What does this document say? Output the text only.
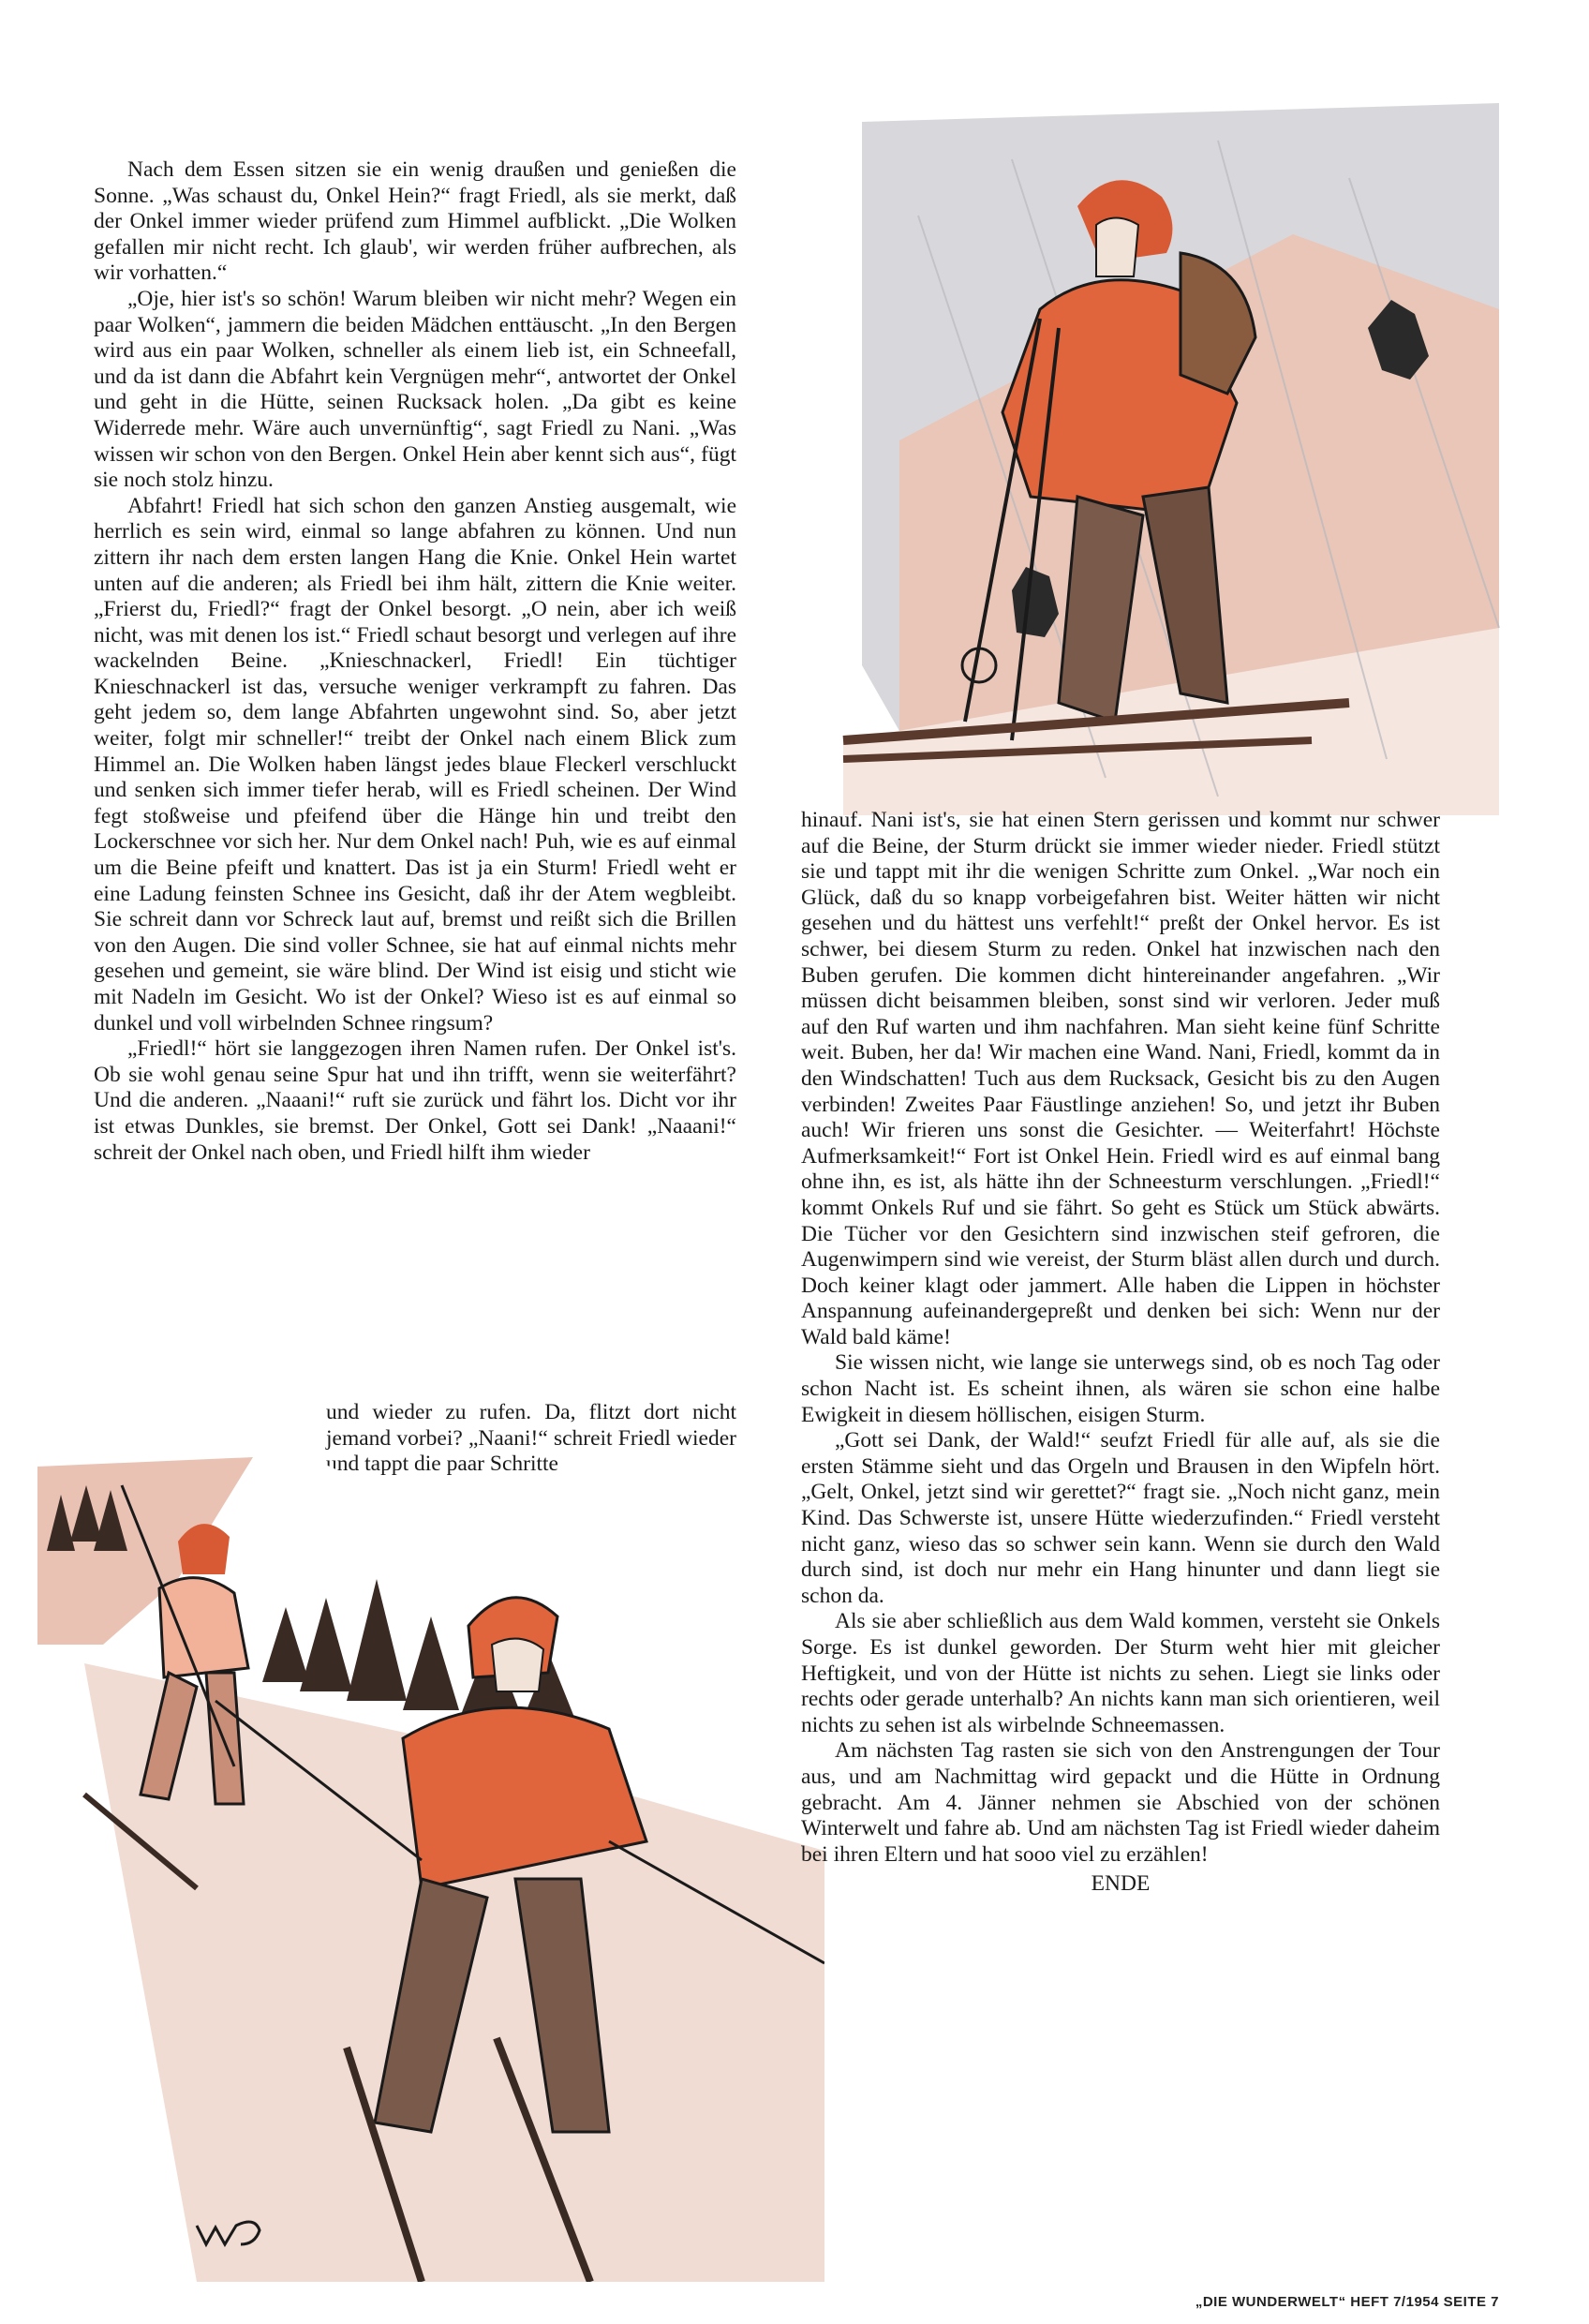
Nach dem Essen sitzen sie ein wenig draußen und genießen die Sonne. „Was schaust du, Onkel Hein?“ fragt Friedl, als sie merkt, daß der Onkel immer wieder prüfend zum Himmel aufblickt. „Die Wolken gefallen mir nicht recht. Ich glaub', wir werden früher aufbrechen, als wir vorhatten.“

„Oje, hier ist's so schön! Warum bleiben wir nicht mehr? Wegen ein paar Wolken“, jammern die beiden Mädchen enttäuscht. „In den Bergen wird aus ein paar Wolken, schneller als einem lieb ist, ein Schneefall, und da ist dann die Abfahrt kein Vergnügen mehr“, antwortet der Onkel und geht in die Hütte, seinen Rucksack holen. „Da gibt es keine Widerrede mehr. Wäre auch unvernünftig“, sagt Friedl zu Nani. „Was wissen wir schon von den Bergen. Onkel Hein aber kennt sich aus“, fügt sie noch stolz hinzu.

Abfahrt! Friedl hat sich schon den ganzen Anstieg ausgemalt, wie herrlich es sein wird, einmal so lange abfahren zu können. Und nun zittern ihr nach dem ersten langen Hang die Knie. Onkel Hein wartet unten auf die anderen; als Friedl bei ihm hält, zittern die Knie weiter. „Frierst du, Friedl?“ fragt der Onkel besorgt. „O nein, aber ich weiß nicht, was mit denen los ist.“ Friedl schaut besorgt und verlegen auf ihre wackelnden Beine. „Knieschnackerl, Friedl! Ein tüchtiger Knieschnackerl ist das, versuche weniger verkrampft zu fahren. Das geht jedem so, dem lange Abfahrten ungewohnt sind. So, aber jetzt weiter, folgt mir schneller!“ treibt der Onkel nach einem Blick zum Himmel an. Die Wolken haben längst jedes blaue Fleckerl verschluckt und senken sich immer tiefer herab, will es Friedl scheinen. Der Wind fegt stoßweise und pfeifend über die Hänge hin und treibt den Lockerschnee vor sich her. Nur dem Onkel nach! Puh, wie es auf einmal um die Beine pfeift und knattert. Das ist ja ein Sturm! Friedl weht er eine Ladung feinsten Schnee ins Gesicht, daß ihr der Atem wegbleibt. Sie schreit dann vor Schreck laut auf, bremst und reißt sich die Brillen von den Augen. Die sind voller Schnee, sie hat auf einmal nichts mehr gesehen und gemeint, sie wäre blind. Der Wind ist eisig und sticht wie mit Nadeln im Gesicht. Wo ist der Onkel? Wieso ist es auf einmal so dunkel und voll wirbelnden Schnee ringsum?

„Friedl!“ hört sie langgezogen ihren Namen rufen. Der Onkel ist's. Ob sie wohl genau seine Spur hat und ihn trifft, wenn sie weiterfährt? Und die anderen. „Naaani!“ ruft sie zurück und fährt los. Dicht vor ihr ist etwas Dunkles, sie bremst. Der Onkel, Gott sei Dank! „Naaani!“ schreit der Onkel nach oben, und Friedl hilft ihm wieder

und wieder zu rufen. Da, flitzt dort nicht jemand vorbei? „Naani!“ schreit Friedl wieder und tappt die paar Schritte

hinauf. Nani ist's, sie hat einen Stern gerissen und kommt nur schwer auf die Beine, der Sturm drückt sie immer wieder nieder. Friedl stützt sie und tappt mit ihr die wenigen Schritte zum Onkel. „War noch ein Glück, daß du so knapp vorbeigefahren bist. Weiter hätten wir nicht gesehen und du hättest uns verfehlt!“ preßt der Onkel hervor. Es ist schwer, bei diesem Sturm zu reden. Onkel hat inzwischen nach den Buben gerufen. Die kommen dicht hintereinander angefahren. „Wir müssen dicht beisammen bleiben, sonst sind wir verloren. Jeder muß auf den Ruf warten und ihm nachfahren. Man sieht keine fünf Schritte weit. Buben, her da! Wir machen eine Wand. Nani, Friedl, kommt da in den Windschatten! Tuch aus dem Rucksack, Gesicht bis zu den Augen verbinden! Zweites Paar Fäustlinge anziehen! So, und jetzt ihr Buben auch! Wir frieren uns sonst die Gesichter. — Weiterfahrt! Höchste Aufmerksamkeit!“ Fort ist Onkel Hein. Friedl wird es auf einmal bang ohne ihn, es ist, als hätte ihn der Schneesturm verschlungen. „Friedl!“ kommt Onkels Ruf und sie fährt. So geht es Stück um Stück abwärts. Die Tücher vor den Gesichtern sind inzwischen steif gefroren, die Augenwimpern sind wie vereist, der Sturm bläst allen durch und durch. Doch keiner klagt oder jammert. Alle haben die Lippen in höchster Anspannung aufeinandergepreßt und denken bei sich: Wenn nur der Wald bald käme!

Sie wissen nicht, wie lange sie unterwegs sind, ob es noch Tag oder schon Nacht ist. Es scheint ihnen, als wären sie schon eine halbe Ewigkeit in diesem höllischen, eisigen Sturm.

„Gott sei Dank, der Wald!“ seufzt Friedl für alle auf, als sie die ersten Stämme sieht und das Orgeln und Brausen in den Wipfeln hört. „Gelt, Onkel, jetzt sind wir gerettet?“ fragt sie. „Noch nicht ganz, mein Kind. Das Schwerste ist, unsere Hütte wiederzufinden.“ Friedl versteht nicht ganz, wieso das so schwer sein kann. Wenn sie durch den Wald durch sind, ist doch nur mehr ein Hang hinunter und dann liegt sie schon da.

Als sie aber schließlich aus dem Wald kommen, versteht sie Onkels Sorge. Es ist dunkel geworden. Der Sturm weht hier mit gleicher Heftigkeit, und von der Hütte ist nichts zu sehen. Liegt sie links oder rechts oder gerade unterhalb? An nichts kann man sich orientieren, weil nichts zu sehen ist als wirbelnde Schneemassen.

Am nächsten Tag rasten sie sich von den Anstrengungen der Tour aus, und am Nachmittag wird gepackt und die Hütte in Ordnung gebracht. Am 4. Jänner nehmen sie Abschied von der schönen Winterwelt und fahre ab. Und am nächsten Tag ist Friedl wieder daheim bei ihren Eltern und hat sooo viel zu erzählen!

ENDE

„DIE WUNDERWELT“ HEFT 7/1954 SEITE 7
